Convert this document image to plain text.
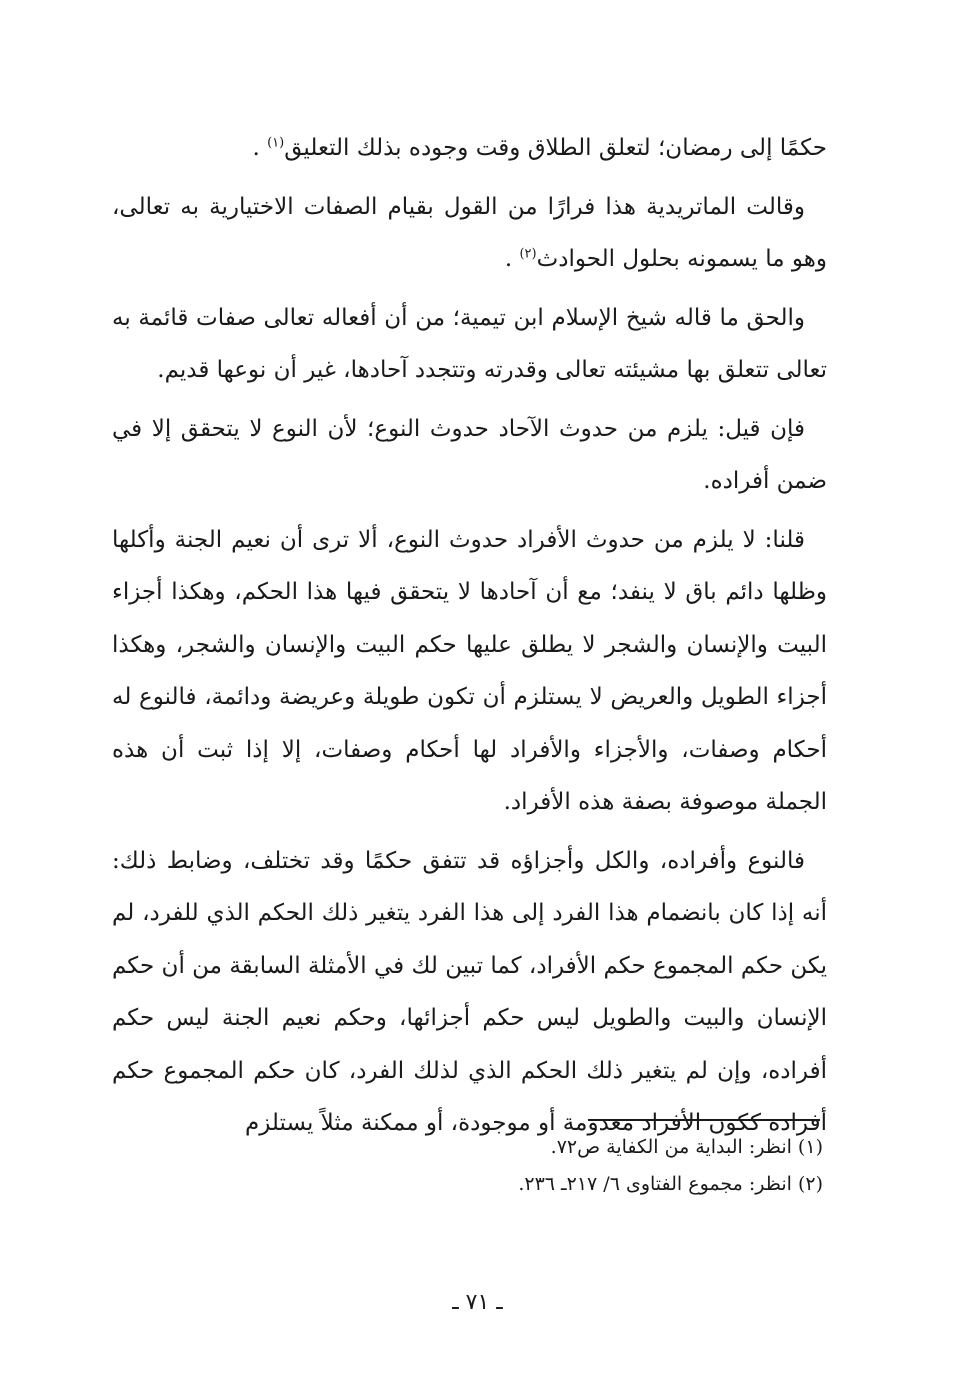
حكمًا إلى رمضان؛ لتعلق الطلاق وقت وجوده بذلك التعليق$^{(١)}$ .

وقالت الماتريدية هذا فرارًا من القول بقيام الصفات الاختيارية به تعالى، وهو ما يسمونه بحلول الحوادث$^{(٢)}$ .

والحق ما قاله شيخ الإسلام ابن تيمية؛ من أن أفعاله تعالى صفات قائمة به تعالى تتعلق بها مشيئته تعالى وقدرته وتتجدد آحادها، غير أن نوعها قديم.

فإن قيل: يلزم من حدوث الآحاد حدوث النوع؛ لأن النوع لا يتحقق إلا في ضمن أفراده.

قلنا: لا يلزم من حدوث الأفراد حدوث النوع، ألا ترى أن نعيم الجنة وأكلها وظلها دائم باق لا ينفد؛ مع أن آحادها لا يتحقق فيها هذا الحكم، وهكذا أجزاء البيت والإنسان والشجر لا يطلق عليها حكم البيت والإنسان والشجر، وهكذا أجزاء الطويل والعريض لا يستلزم أن تكون طويلة وعريضة ودائمة، فالنوع له أحكام وصفات، والأجزاء والأفراد لها أحكام وصفات، إلا إذا ثبت أن هذه الجملة موصوفة بصفة هذه الأفراد.

فالنوع وأفراده، والكل وأجزاؤه قد تتفق حكمًا وقد تختلف، وضابط ذلك: أنه إذا كان بانضمام هذا الفرد إلى هذا الفرد يتغير ذلك الحكم الذي للفرد، لم يكن حكم المجموع حكم الأفراد، كما تبين لك في الأمثلة السابقة من أن حكم الإنسان والبيت والطويل ليس حكم أجزائها، وحكم نعيم الجنة ليس حكم أفراده، وإن لم يتغير ذلك الحكم الذي لذلك الفرد، كان حكم المجموع حكم أفراده ككون الأفراد معدومة أو موجودة، أو ممكنة مثلاً يستلزم

(١) انظر: البداية من الكفاية ص٧٢.

(٢) انظر: مجموع الفتاوى ٦/ ٢١٧ـ ٢٣٦.

ـ ٧١ ـ
